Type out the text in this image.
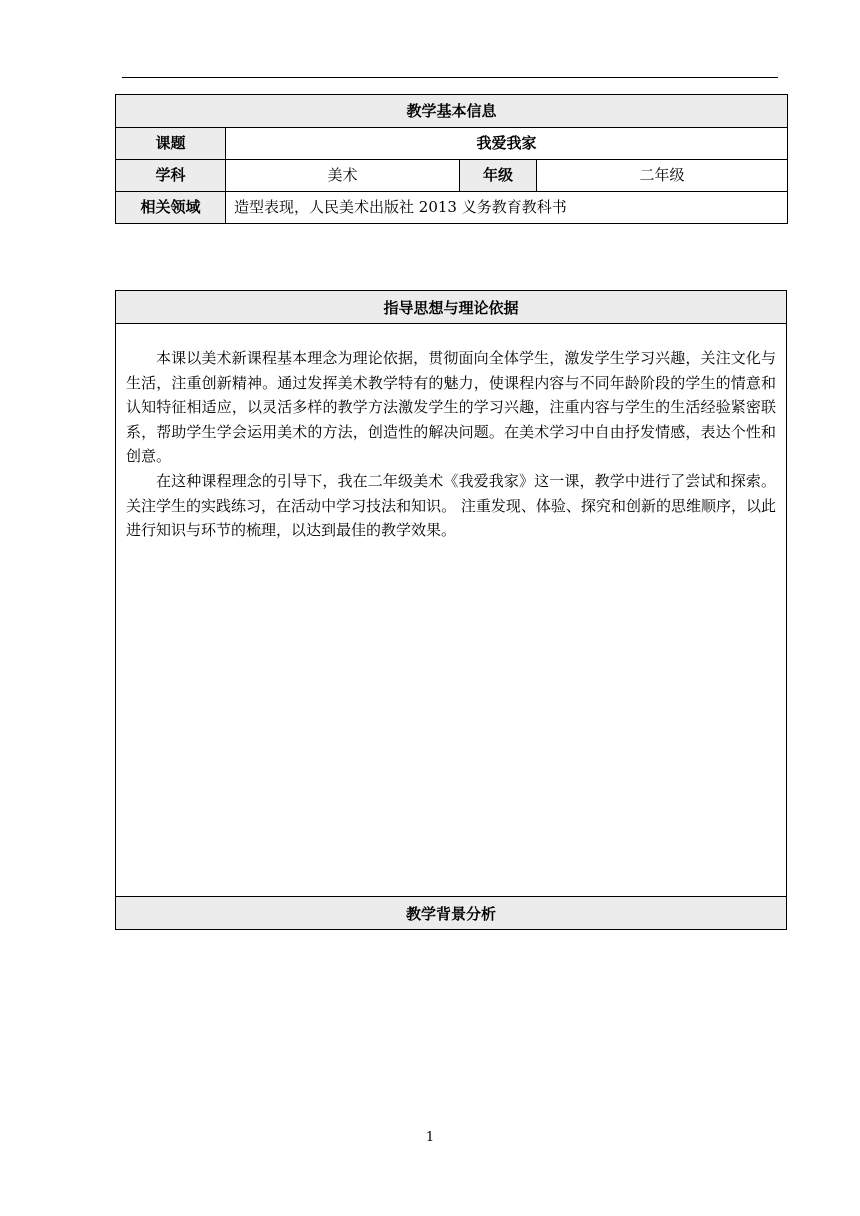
教学基本信息			
课题	我爱我家		
学科	美术	年级	二年级
相关领域	造型表现，人民美术出版社 2013 义务教育教科书		
指导思想与理论依据

本课以美术新课程基本理念为理论依据，贯彻面向全体学生，激发学生学习兴趣，关注文化与生活，注重创新精神。通过发挥美术教学特有的魅力，使课程内容与不同年龄阶段的学生的情意和认知特征相适应，以灵活多样的教学方法激发学生的学习兴趣，注重内容与学生的生活经验紧密联系，帮助学生学会运用美术的方法，创造性的解决问题。在美术学习中自由抒发情感，表达个性和创意。

在这种课程理念的引导下，我在二年级美术《我爱我家》这一课，教学中进行了尝试和探索。关注学生的实践练习，在活动中学习技法和知识。 注重发现、体验、探究和创新的思维顺序，以此进行知识与环节的梳理，以达到最佳的教学效果。

教学背景分析
1
